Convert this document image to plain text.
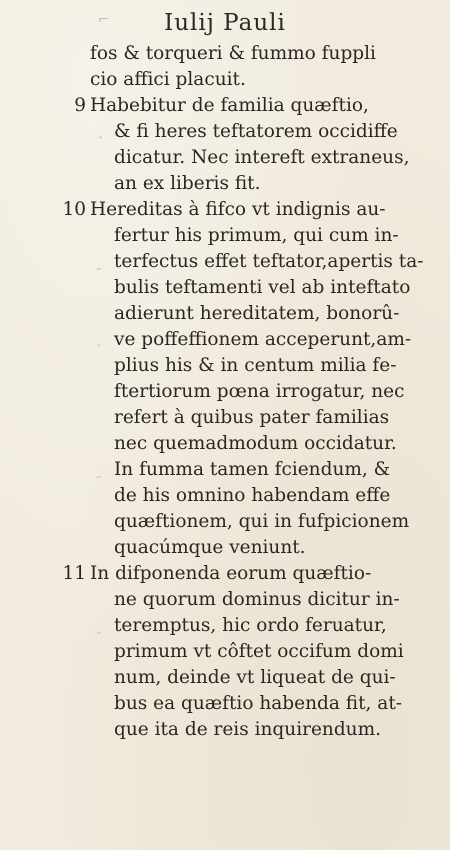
⌐	Iulij Pauli
fos & torqueri & fummo fuppli
cio affici placuit.
9 Habebitur de familia quæftio,
& fi heres teftatorem occidiffe
dicatur. Nec intereft extraneus,
an ex liberis fit.
10 Hereditas à fifco vt indignis au-
fertur his primum, qui cum in-
terfectus effet teftator,apertis ta-
bulis teftamenti vel ab inteftato
adierunt hereditatem, bonorû-
ve poffeffionem acceperunt,am-
plius his & in centum milia fe-
ftertiorum pœna irrogatur, nec
refert à quibus pater familias
nec quemadmodum occidatur.
In fumma tamen fciendum, &
de his omnino habendam effe
quæftionem, qui in fufpicionem
quacúmque veniunt.
11 In difponenda eorum quæftio-
ne quorum dominus dicitur in-
teremptus, hic ordo feruatur,
primum vt côftet occifum domi
num, deinde vt liqueat de qui-
bus ea quæftio habenda fit, at-
que ita de reis inquirendum.
·
-
·
-
-
